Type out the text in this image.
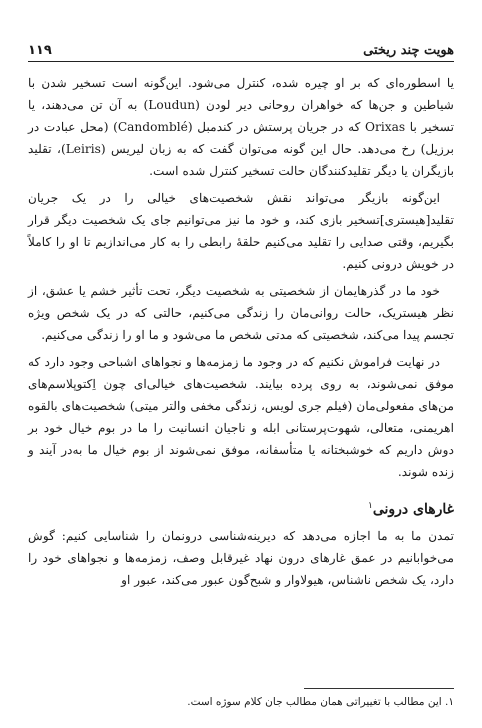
هویت چند ریختی
۱۱۹

یا اسطوره‌ای که بر او چیره شده، کنترل می‌شود. این‌گونه است تسخیر شدن با شیاطین و جن‌ها که خواهران روحانی دیر لودن (Loudun) به آن تن می‌دهند، یا تسخیر با Orixas که در جریان پرستش در کندمبل (Candomblé) (محل عبادت در برزیل) رخ می‌دهد. حال این گونه می‌توان گفت که به زبان لیریس (Leiris)، تقلید بازیگران یا دیگر تقلیدکنندگان حالت تسخیر کنترل شده است.

این‌گونه بازیگر می‌تواند نقش شخصیت‌های خیالی را در یک جریان تقلید‌[هیستری‌]تسخیر بازی کند، و خود ما نیز می‌توانیم جای یک شخصیت دیگر قرار بگیریم، وقتی صدایی را تقلید می‌کنیم حلقهٔ رابطی را به کار می‌اندازیم تا او را کاملاً در خویش درونی کنیم.

خود ما در گذرهایمان از شخصیتی به شخصیت دیگر، تحت تأثیر خشم یا عشق، از نظر هیستریک، حالت روانی‌مان را زندگی می‌کنیم، حالتی که در یک شخص ویژه تجسم پیدا می‌کند، شخصیتی که مدتی شخص ما می‌شود و ما او را زندگی می‌کنیم.

در نهایت فراموش نکنیم که در وجود ما زمزمه‌ها و نجواهای اشباحی وجود دارد که موفق نمی‌شوند، به روی پرده بیایند. شخصیت‌های خیالی‌ای چون اِکتوپلاسم‌های من‌های مفعولی‌مان (فیلم جری لویس، زندگی مخفی والتر میتی) شخصیت‌های بالقوه اهریمنی، متعالی، شهوت‌پرستانی ابله و ناجیان انسانیت را ما در بوم خیال خود بر دوش داریم که خوشبختانه یا متأسفانه، موفق نمی‌شوند از بوم خیال ما به‌در آیند و زنده شوند.

غارهای درونی$^۱$

تمدن ما به ما اجازه می‌دهد که دیرینه‌شناسی درونمان را شناسایی کنیم: گوش می‌خوابانیم در عمق غارهای درون نهاد غیرقابل وصف، زمزمه‌ها و نجواهای خود را دارد، یک شخص ناشناس، هیولاوار و شبح‌گون عبور می‌کند، عبور او

۱. این مطالب با تغییراتی همان مطالب جان کلام سوژه است.
